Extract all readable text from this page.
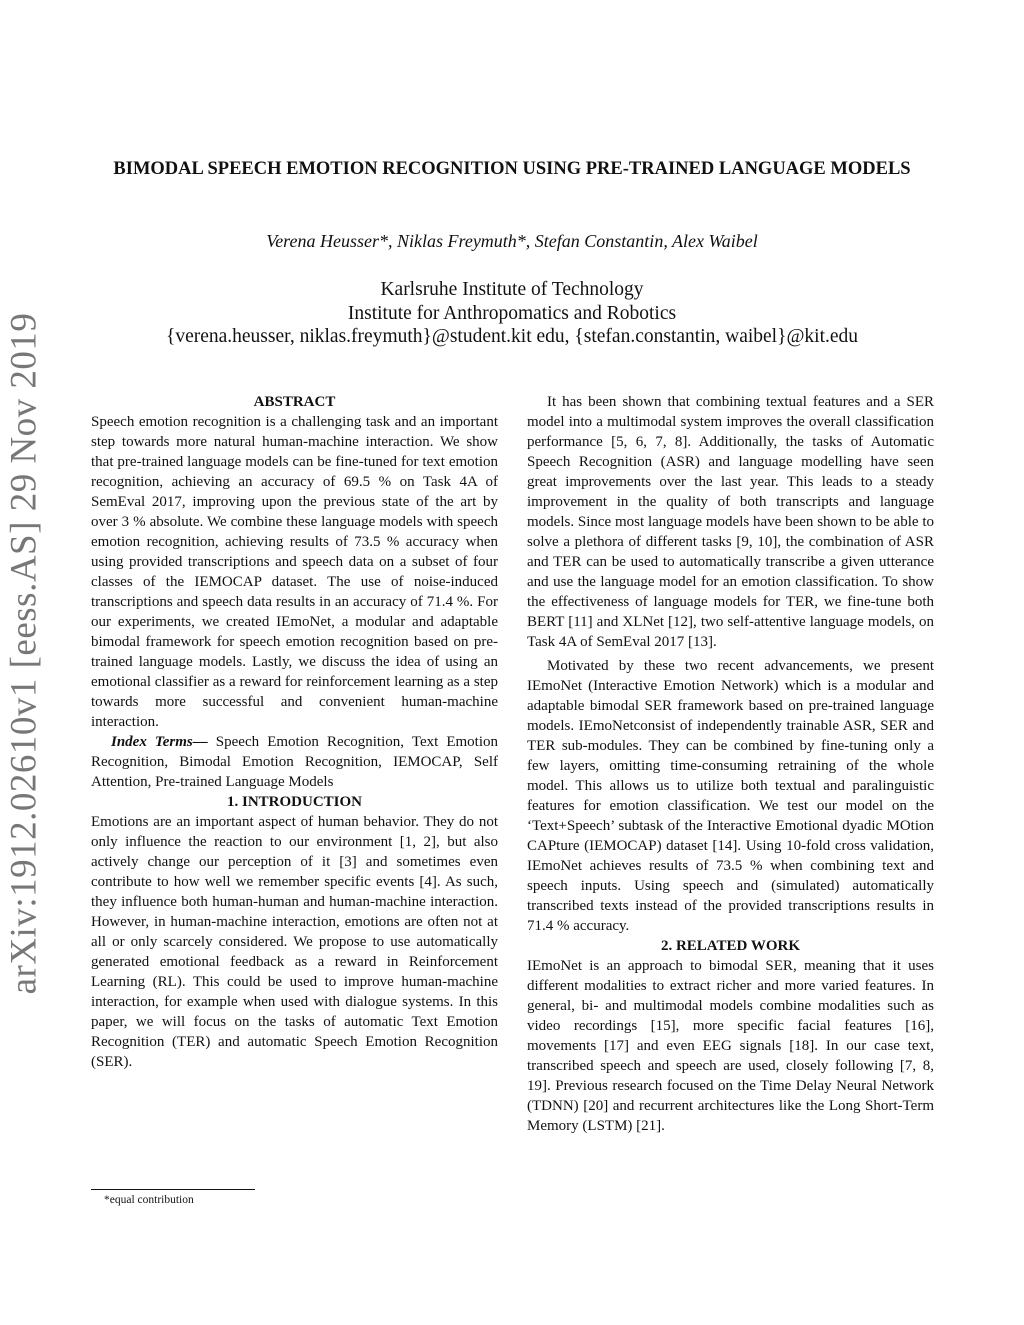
arXiv:1912.02610v1 [eess.AS] 29 Nov 2019
BIMODAL SPEECH EMOTION RECOGNITION USING PRE-TRAINED LANGUAGE MODELS
Verena Heusser*, Niklas Freymuth*, Stefan Constantin, Alex Waibel
Karlsruhe Institute of Technology
Institute for Anthropomatics and Robotics
{verena.heusser, niklas.freymuth}@student.kit edu, {stefan.constantin, waibel}@kit.edu

ABSTRACT

Speech emotion recognition is a challenging task and an important step towards more natural human-machine interaction. We show that pre-trained language models can be fine-tuned for text emotion recognition, achieving an accuracy of 69.5 % on Task 4A of SemEval 2017, improving upon the previous state of the art by over 3 % absolute. We combine these language models with speech emotion recognition, achieving results of 73.5 % accuracy when using provided transcriptions and speech data on a subset of four classes of the IEMOCAP dataset. The use of noise-induced transcriptions and speech data results in an accuracy of 71.4 %. For our experiments, we created IEmoNet, a modular and adaptable bimodal framework for speech emotion recognition based on pre-trained language models. Lastly, we discuss the idea of using an emotional classifier as a reward for reinforcement learning as a step towards more successful and convenient human-machine interaction.

Index Terms— Speech Emotion Recognition, Text Emotion Recognition, Bimodal Emotion Recognition, IEMOCAP, Self Attention, Pre-trained Language Models

1. INTRODUCTION

Emotions are an important aspect of human behavior. They do not only influence the reaction to our environment [1, 2], but also actively change our perception of it [3] and sometimes even contribute to how well we remember specific events [4]. As such, they influence both human-human and human-machine interaction. However, in human-machine interaction, emotions are often not at all or only scarcely considered. We propose to use automatically generated emotional feedback as a reward in Reinforcement Learning (RL). This could be used to improve human-machine interaction, for example when used with dialogue systems. In this paper, we will focus on the tasks of automatic Text Emotion Recognition (TER) and automatic Speech Emotion Recognition (SER).

It has been shown that combining textual features and a SER model into a multimodal system improves the overall classification performance [5, 6, 7, 8]. Additionally, the tasks of Automatic Speech Recognition (ASR) and language modelling have seen great improvements over the last year. This leads to a steady improvement in the quality of both transcripts and language models. Since most language models have been shown to be able to solve a plethora of different tasks [9, 10], the combination of ASR and TER can be used to automatically transcribe a given utterance and use the language model for an emotion classification. To show the effectiveness of language models for TER, we fine-tune both BERT [11] and XLNet [12], two self-attentive language models, on Task 4A of SemEval 2017 [13].

Motivated by these two recent advancements, we present IEmoNet (Interactive Emotion Network) which is a modular and adaptable bimodal SER framework based on pre-trained language models. IEmoNetconsist of independently trainable ASR, SER and TER sub-modules. They can be combined by fine-tuning only a few layers, omitting time-consuming retraining of the whole model. This allows us to utilize both textual and paralinguistic features for emotion classification. We test our model on the ‘Text+Speech’ subtask of the Interactive Emotional dyadic MOtion CAPture (IEMOCAP) dataset [14]. Using 10-fold cross validation, IEmoNet achieves results of 73.5 % when combining text and speech inputs. Using speech and (simulated) automatically transcribed texts instead of the provided transcriptions results in 71.4 % accuracy.

2. RELATED WORK

IEmoNet is an approach to bimodal SER, meaning that it uses different modalities to extract richer and more varied features. In general, bi- and multimodal models combine modalities such as video recordings [15], more specific facial features [16], movements [17] and even EEG signals [18]. In our case text, transcribed speech and speech are used, closely following [7, 8, 19]. Previous research focused on the Time Delay Neural Network (TDNN) [20] and recurrent architectures like the Long Short-Term Memory (LSTM) [21].

*equal contribution
